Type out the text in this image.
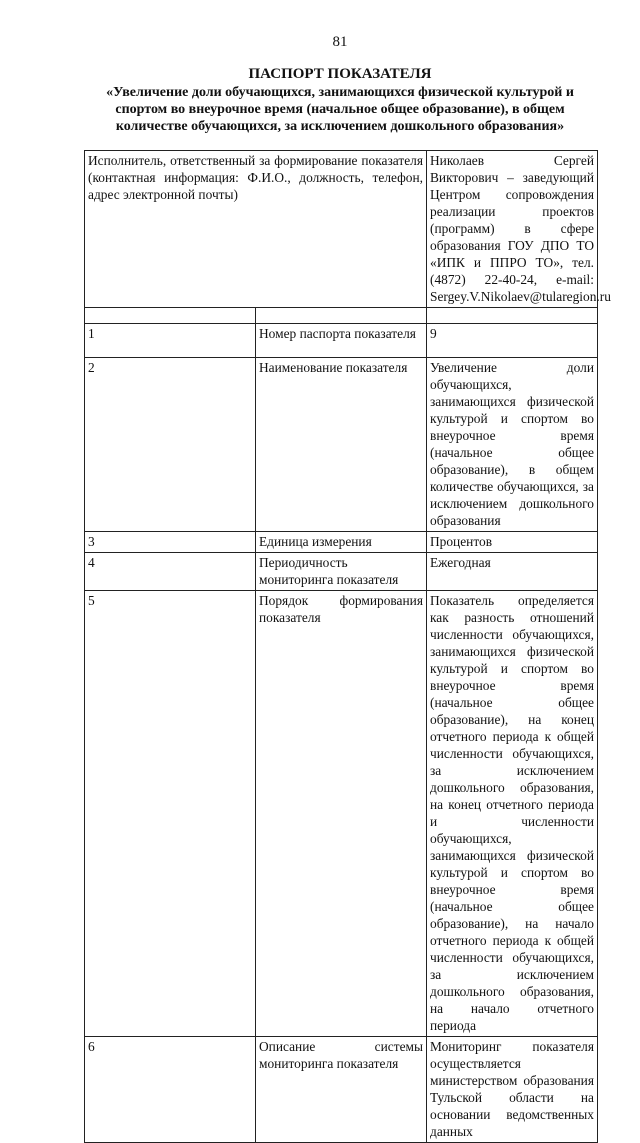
81
ПАСПОРТ ПОКАЗАТЕЛЯ
«Увеличение доли обучающихся, занимающихся физической культурой и спортом во внеурочное время (начальное общее образование), в общем количестве обучающихся, за исключением дошкольного образования»
Исполнитель, ответственный за формирование показателя (контактная информация: Ф.И.О., должность, телефон, адрес электронной почты)		Николаев Сергей Викторович – заведующий Центром сопровождения реализации проектов (программ) в сфере образования ГОУ ДПО ТО «ИПК и ППРО ТО», тел. (4872) 22-40-24, e-mail: Sergey.V.Nikolaev@tularegion.ru

1	Номер паспорта показателя	9
2	Наименование показателя	Увеличение доли обучающихся, занимающихся физической культурой и спортом во внеурочное время (начальное общее образование), в общем количестве обучающихся, за исключением дошкольного образования
3	Единица измерения	Процентов
4	Периодичность мониторинга показателя	Ежегодная
5	Порядок формирования показателя	Показатель определяется как разность отношений численности обучающихся, занимающихся физической культурой и спортом во внеурочное время (начальное общее образование), на конец отчетного периода к общей численности обучающихся, за исключением дошкольного образования, на конец отчетного периода и численности обучающихся, занимающихся физической культурой и спортом во внеурочное время (начальное общее образование), на начало отчетного периода к общей численности обучающихся, за исключением дошкольного образования, на начало отчетного периода
6	Описание системы мониторинга показателя	Мониторинг показателя осуществляется министерством образования Тульской области на основании ведомственных данных
